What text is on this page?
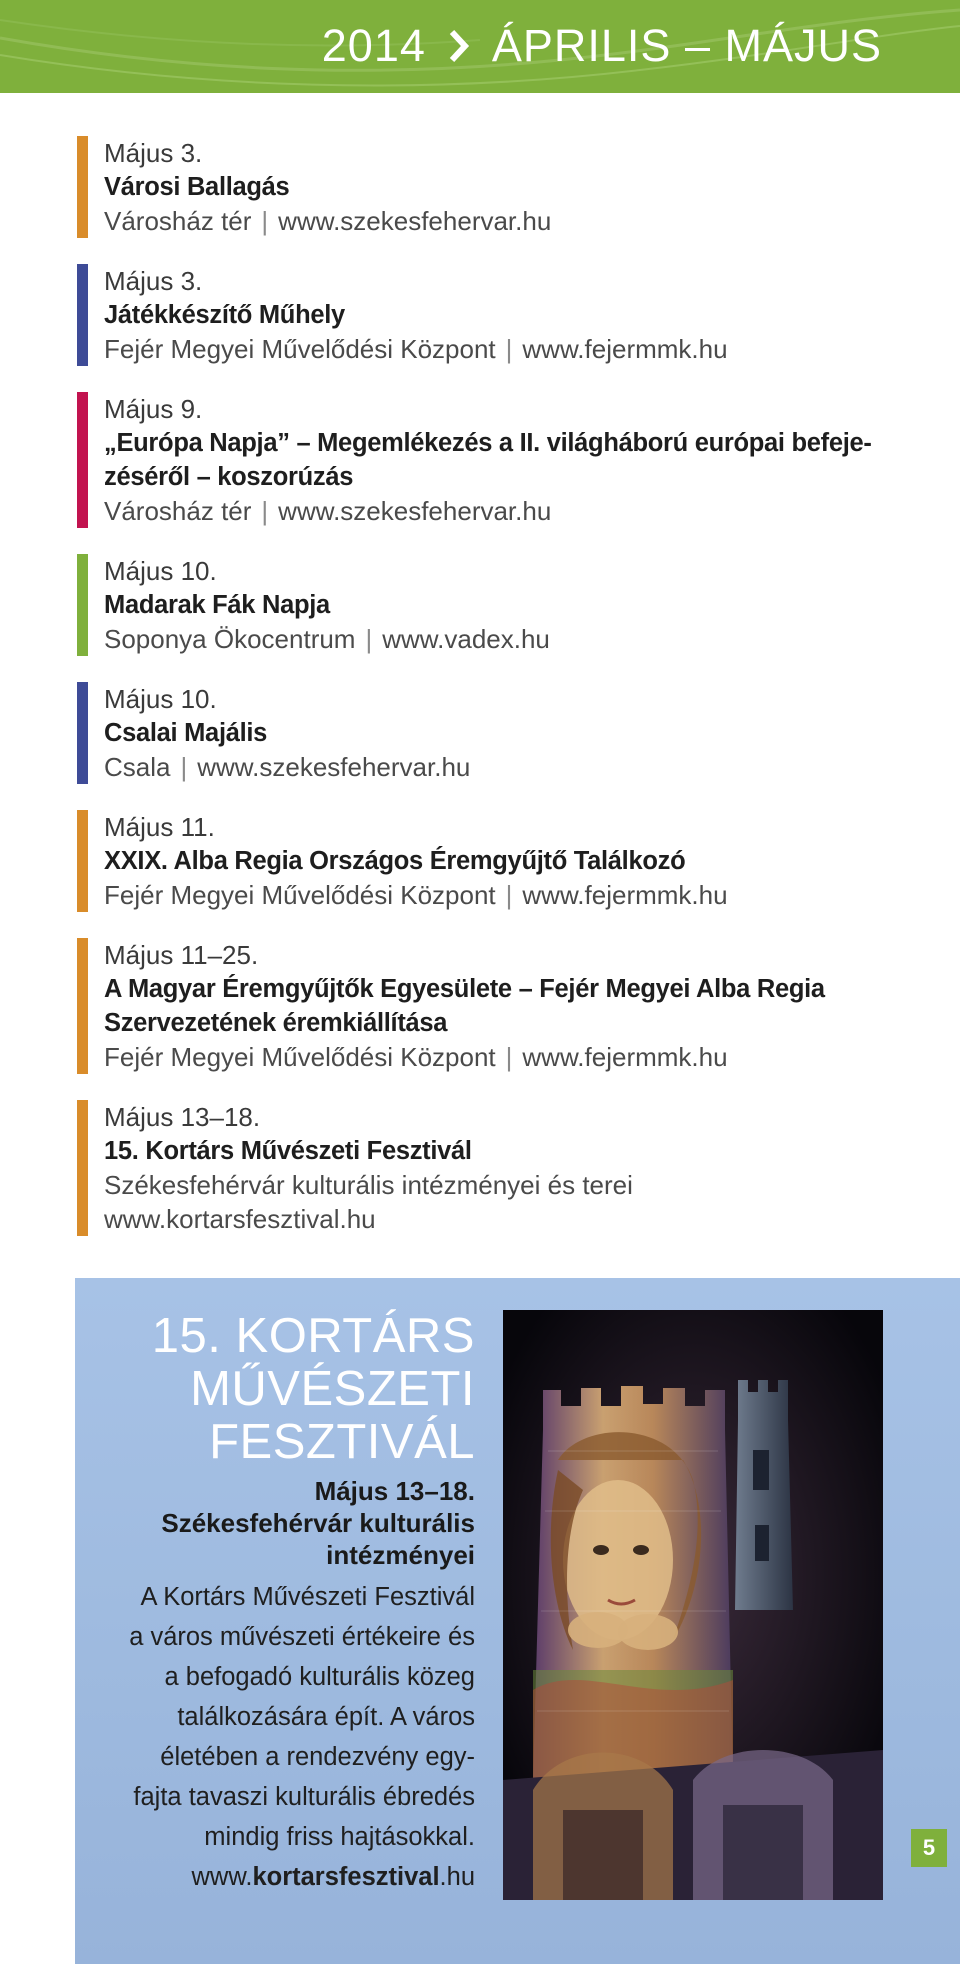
2014 ÁPRILIS – MÁJUS
Május 3.
Városi Ballagás
Városház tér | www.szekesfehervar.hu
Május 3.
Játékkészítő Műhely
Fejér Megyei Művelődési Központ | www.fejermmk.hu
Május 9.
„Európa Napja” – Megemlékezés a II. világháború európai befeje-
zéséről – koszorúzás
Városház tér | www.szekesfehervar.hu
Május 10.
Madarak Fák Napja
Soponya Ökocentrum | www.vadex.hu
Május 10.
Csalai Majális
Csala | www.szekesfehervar.hu
Május 11.
XXIX. Alba Regia Országos Éremgyűjtő Találkozó
Fejér Megyei Művelődési Központ | www.fejermmk.hu
Május 11–25.
A Magyar Éremgyűjtők Egyesülete – Fejér Megyei Alba Regia
Szervezetének éremkiállítása
Fejér Megyei Művelődési Központ | www.fejermmk.hu
Május 13–18.
15. Kortárs Művészeti Fesztivál
Székesfehérvár kulturális intézményei és terei
www.kortarsfesztival.hu
15. KORTÁRS
MŰVÉSZETI
FESZTIVÁL
Május 13–18.
Székesfehérvár kulturális
intézményei
A Kortárs Művészeti Fesztivál
a város művészeti értékeire és
a befogadó kulturális közeg
találkozására épít. A város
életében a rendezvény egy-
fajta tavaszi kulturális ébredés
mindig friss hajtásokkal.
www.kortarsfesztival.hu
5
